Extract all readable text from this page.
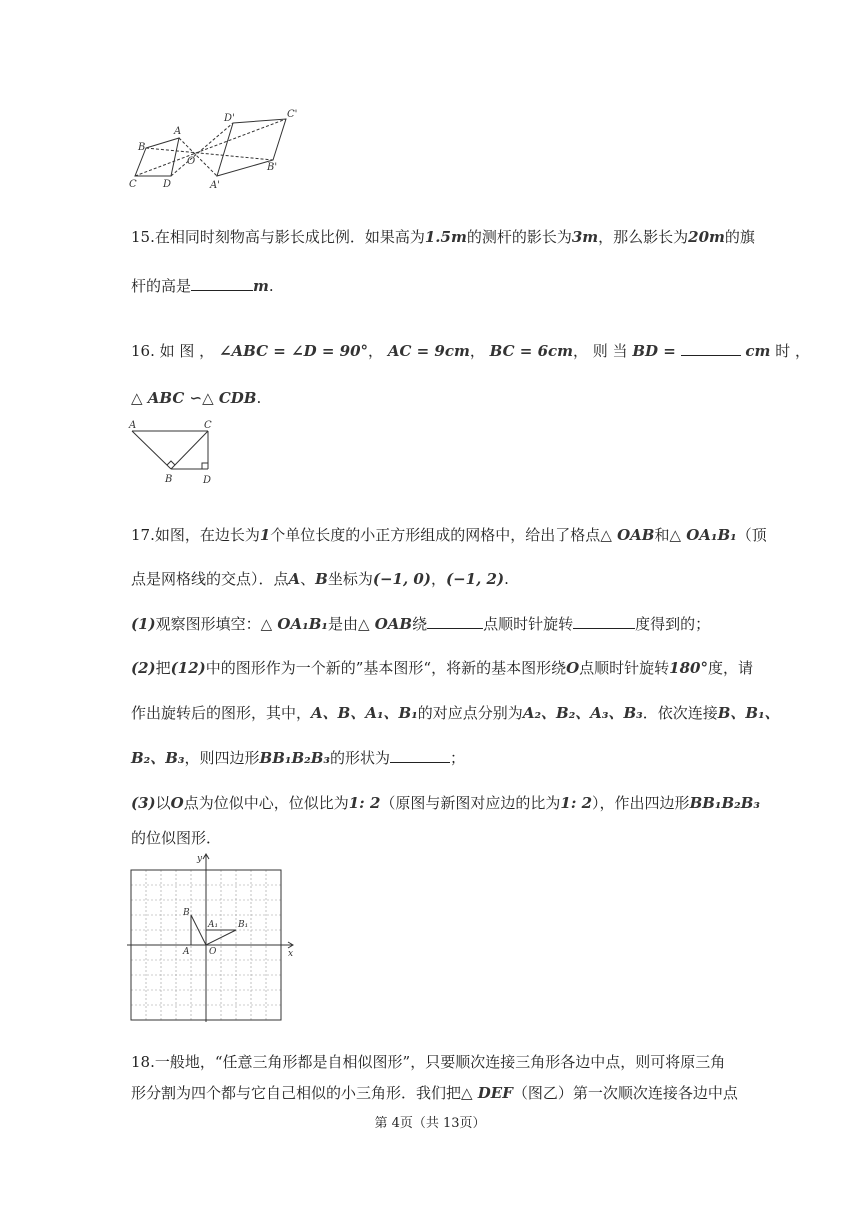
A
B
C	D
O
A'
B'
C'
D'
15.在相同时刻物高与影长成比例．如果高为1.5m的测杆的影长为3m，那么影长为20m的旗
杆的高是	m.
16. 如 图 ， ∠ABC = ∠D = 90°， AC = 9cm， BC = 6cm， 则 当 BD =	cm 时 ，
△ ABC ∽△ CDB.
A	C
B	D
17.如图，在边长为1个单位长度的小正方形组成的网格中，给出了格点△ OAB和△ OA₁B₁（顶
点是网格线的交点）．点A、B坐标为(−1, 0)，(−1, 2).
(1)观察图形填空：△ OA₁B₁是由△ OAB绕	点顺时针旋转	度得到的；
(2)把(12)中的图形作为一个新的”基本图形“，将新的基本图形绕O点顺时针旋转180°度，请
作出旋转后的图形，其中，A、B、A₁、B₁的对应点分别为A₂、B₂、A₃、B₃．依次连接B、B₁、
B₂、B₃，则四边形BB₁B₂B₃的形状为	；
(3)以O点为位似中心，位似比为1: 2（原图与新图对应边的比为1: 2），作出四边形BB₁B₂B₃
的位似图形．
y
x
B
A O
A₁ B₁
18.一般地，“任意三角形都是自相似图形”，只要顺次连接三角形各边中点，则可将原三角
形分割为四个都与它自己相似的小三角形．我们把△ DEF（图乙）第一次顺次连接各边中点
第 4页（共 13页）
